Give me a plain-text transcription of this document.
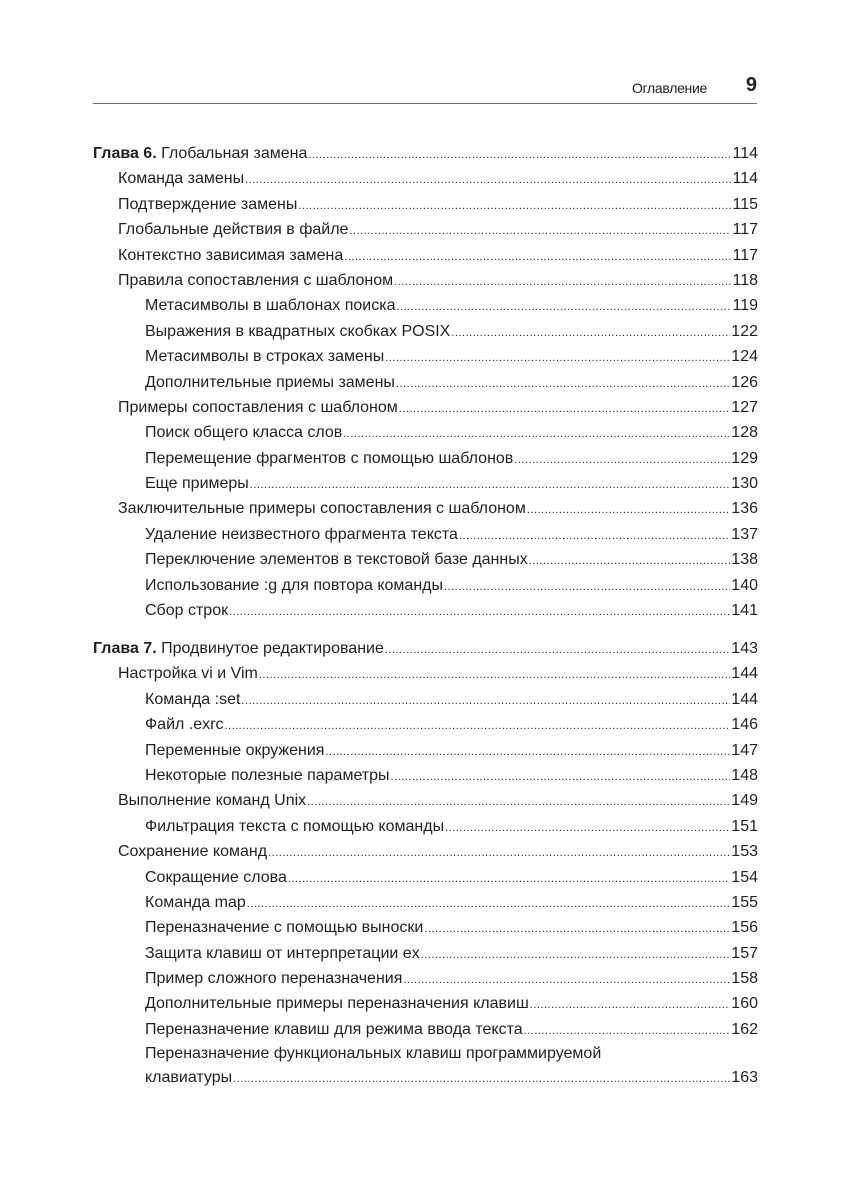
Оглавление 9
Глава 6. Глобальная замена .....	114
Команда замены .....	114
Подтверждение замены .....	115
Глобальные действия в файле .....	117
Контекстно зависимая замена .....	117
Правила сопоставления с шаблоном .....	118
Метасимволы в шаблонах поиска .....	119
Выражения в квадратных скобках POSIX .....	122
Метасимволы в строках замены .....	124
Дополнительные приемы замены .....	126
Примеры сопоставления с шаблоном .....	127
Поиск общего класса слов .....	128
Перемещение фрагментов с помощью шаблонов .....	129
Еще примеры .....	130
Заключительные примеры сопоставления с шаблоном .....	136
Удаление неизвестного фрагмента текста .....	137
Переключение элементов в текстовой базе данных .....	138
Использование :g для повтора команды .....	140
Сбор строк .....	141
Глава 7. Продвинутое редактирование .....	143
Настройка vi и Vim .....	144
Команда :set .....	144
Файл .exrc .....	146
Переменные окружения .....	147
Некоторые полезные параметры .....	148
Выполнение команд Unix .....	149
Фильтрация текста с помощью команды .....	151
Сохранение команд .....	153
Сокращение слова .....	154
Команда map .....	155
Переназначение с помощью выноски .....	156
Защита клавиш от интерпретации ex .....	157
Пример сложного переназначения .....	158
Дополнительные примеры переназначения клавиш .....	160
Переназначение клавиш для режима ввода текста .....	162
Переназначение функциональных клавиш программируемой
клавиатуры .....	163
